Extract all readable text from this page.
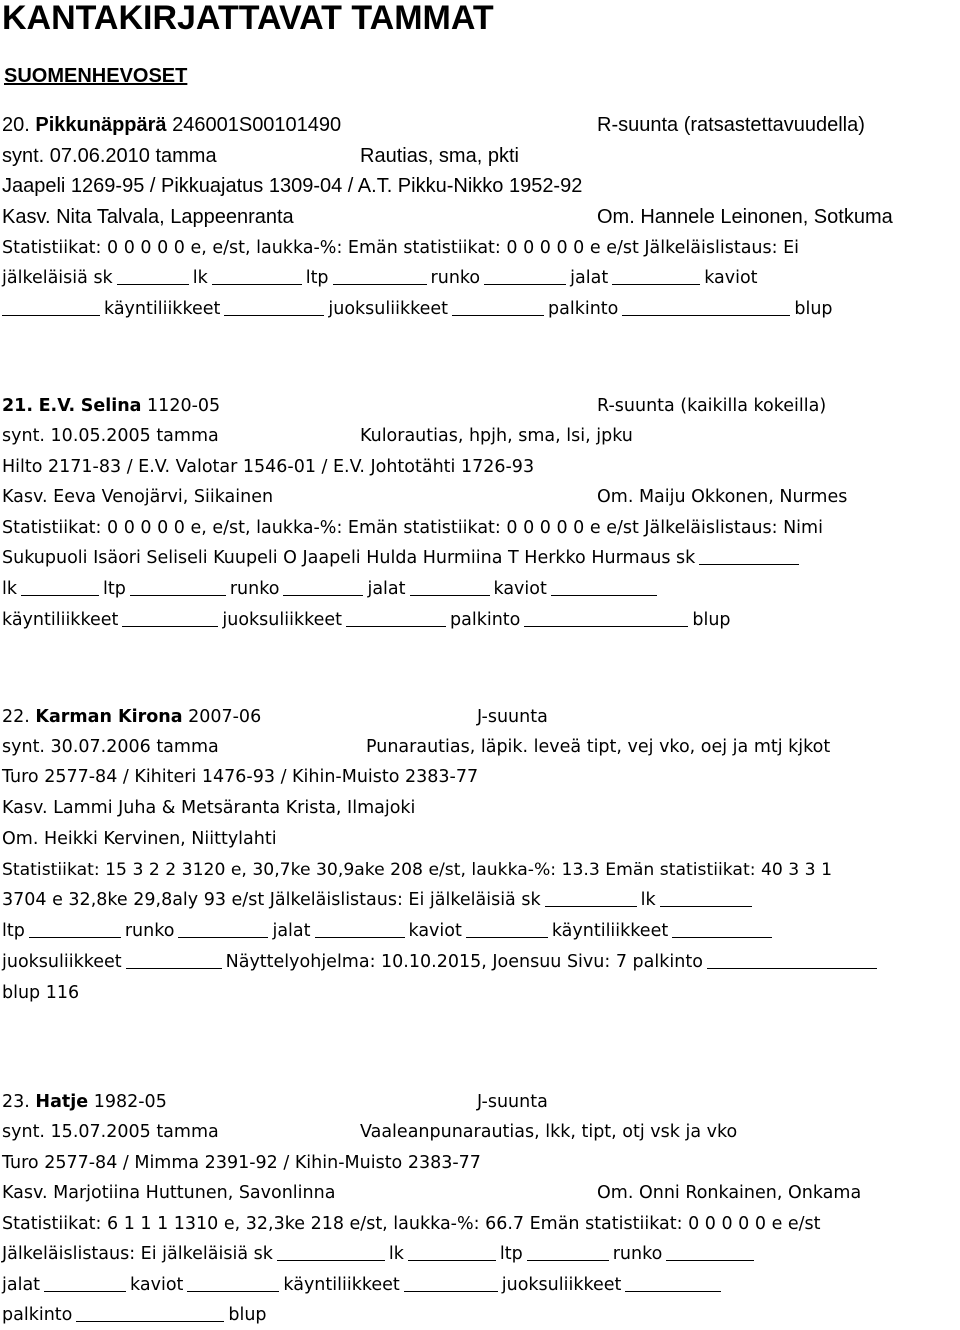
KANTAKIRJATTAVAT TAMMAT
SUOMENHEVOSET
20. Pikkunäppärä 246001S00101490	R-suunta (ratsastettavuudella)
synt. 07.06.2010 tamma	Rautias, sma, pkti
Jaapeli 1269-95 / Pikkuajatus 1309-04 / A.T. Pikku-Nikko 1952-92
Kasv. Nita Talvala, Lappeenranta	Om. Hannele Leinonen, Sotkuma
Statistiikat: 0 0 0 0 0 e, e/st, laukka-%: Emän statistiikat: 0 0 0 0 0 e e/st Jälkeläislistaus: Ei
jälkeläisiä sk	lk	ltp	runko	jalat	kaviot
käyntiliikkeet	juoksuliikkeet	palkinto	blup
21. E.V. Selina 1120-05	R-suunta (kaikilla kokeilla)
synt. 10.05.2005 tamma	Kulorautias, hpjh, sma, lsi, jpku
Hilto 2171-83 / E.V. Valotar 1546-01 / E.V. Johtotähti 1726-93
Kasv. Eeva Venojärvi, Siikainen	Om. Maiju Okkonen, Nurmes
Statistiikat: 0 0 0 0 0 e, e/st, laukka-%: Emän statistiikat: 0 0 0 0 0 e e/st Jälkeläislistaus: Nimi
Sukupuoli Isäori Seliseli Kuupeli O Jaapeli Hulda Hurmiina T Herkko Hurmaus sk
lk	ltp	runko	jalat	kaviot
käyntiliikkeet	juoksuliikkeet	palkinto	blup
22. Karman Kirona 2007-06	J-suunta
synt. 30.07.2006 tamma	Punarautias, läpik. leveä tipt, vej vko, oej ja mtj kjkot
Turo 2577-84 / Kihiteri 1476-93 / Kihin-Muisto 2383-77
Kasv. Lammi Juha & Metsäranta Krista, Ilmajoki
Om. Heikki Kervinen, Niittylahti
Statistiikat: 15 3 2 2 3120 e, 30,7ke 30,9ake 208 e/st, laukka-%: 13.3 Emän statistiikat: 40 3 3 1
3704 e 32,8ke 29,8aly 93 e/st Jälkeläislistaus: Ei jälkeläisiä sk	lk
ltp	runko	jalat	kaviot	käyntiliikkeet
juoksuliikkeet	Näyttelyohjelma: 10.10.2015, Joensuu Sivu: 7 palkinto
blup 116
23. Hatje 1982-05	J-suunta
synt. 15.07.2005 tamma	Vaaleanpunarautias, lkk, tipt, otj vsk ja vko
Turo 2577-84 / Mimma 2391-92 / Kihin-Muisto 2383-77
Kasv. Marjotiina Huttunen, Savonlinna	Om. Onni Ronkainen, Onkama
Statistiikat: 6 1 1 1 1310 e, 32,3ke 218 e/st, laukka-%: 66.7 Emän statistiikat: 0 0 0 0 0 e e/st
Jälkeläislistaus: Ei jälkeläisiä sk	lk	ltp	runko
jalat	kaviot	käyntiliikkeet	juoksuliikkeet
palkinto	blup
